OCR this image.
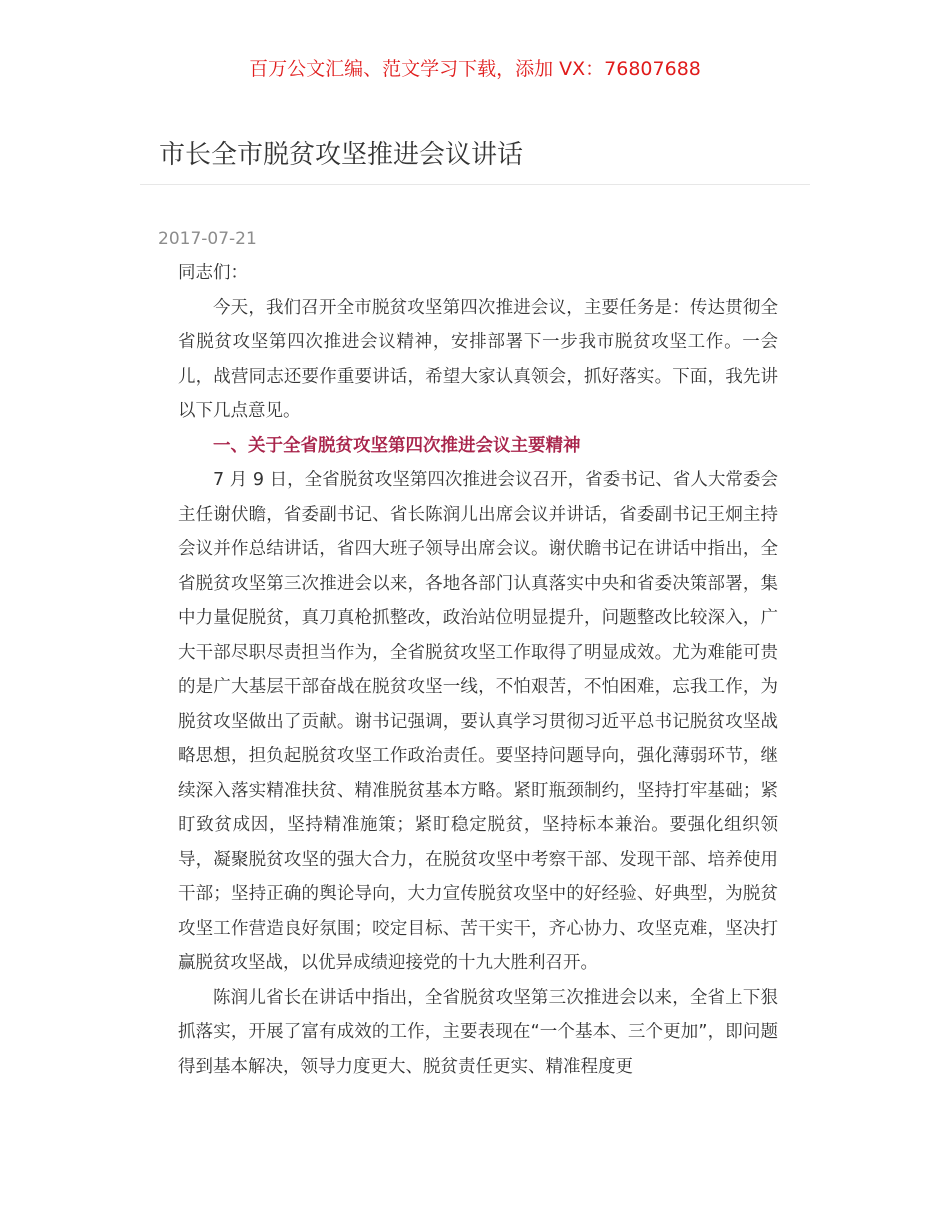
百万公文汇编、范文学习下载，添加 VX：76807688
市长全市脱贫攻坚推进会议讲话
2017-07-21

同志们：

今天，我们召开全市脱贫攻坚第四次推进会议，主要任务是：传达贯彻全省脱贫攻坚第四次推进会议精神，安排部署下一步我市脱贫攻坚工作。一会儿，战营同志还要作重要讲话，希望大家认真领会，抓好落实。下面，我先讲以下几点意见。

一、关于全省脱贫攻坚第四次推进会议主要精神

7 月 9 日，全省脱贫攻坚第四次推进会议召开，省委书记、省人大常委会主任谢伏瞻，省委副书记、省长陈润儿出席会议并讲话，省委副书记王炯主持会议并作总结讲话，省四大班子领导出席会议。谢伏瞻书记在讲话中指出，全省脱贫攻坚第三次推进会以来，各地各部门认真落实中央和省委决策部署，集中力量促脱贫，真刀真枪抓整改，政治站位明显提升，问题整改比较深入，广大干部尽职尽责担当作为，全省脱贫攻坚工作取得了明显成效。尤为难能可贵的是广大基层干部奋战在脱贫攻坚一线，不怕艰苦，不怕困难，忘我工作，为脱贫攻坚做出了贡献。谢书记强调，要认真学习贯彻习近平总书记脱贫攻坚战略思想，担负起脱贫攻坚工作政治责任。要坚持问题导向，强化薄弱环节，继续深入落实精准扶贫、精准脱贫基本方略。紧盯瓶颈制约，坚持打牢基础；紧盯致贫成因，坚持精准施策；紧盯稳定脱贫，坚持标本兼治。要强化组织领导，凝聚脱贫攻坚的强大合力，在脱贫攻坚中考察干部、发现干部、培养使用干部；坚持正确的舆论导向，大力宣传脱贫攻坚中的好经验、好典型，为脱贫攻坚工作营造良好氛围；咬定目标、苦干实干，齐心协力、攻坚克难，坚决打赢脱贫攻坚战，以优异成绩迎接党的十九大胜利召开。

陈润儿省长在讲话中指出，全省脱贫攻坚第三次推进会以来，全省上下狠抓落实，开展了富有成效的工作，主要表现在“一个基本、三个更加”，即问题得到基本解决，领导力度更大、脱贫责任更实、精准程度更
